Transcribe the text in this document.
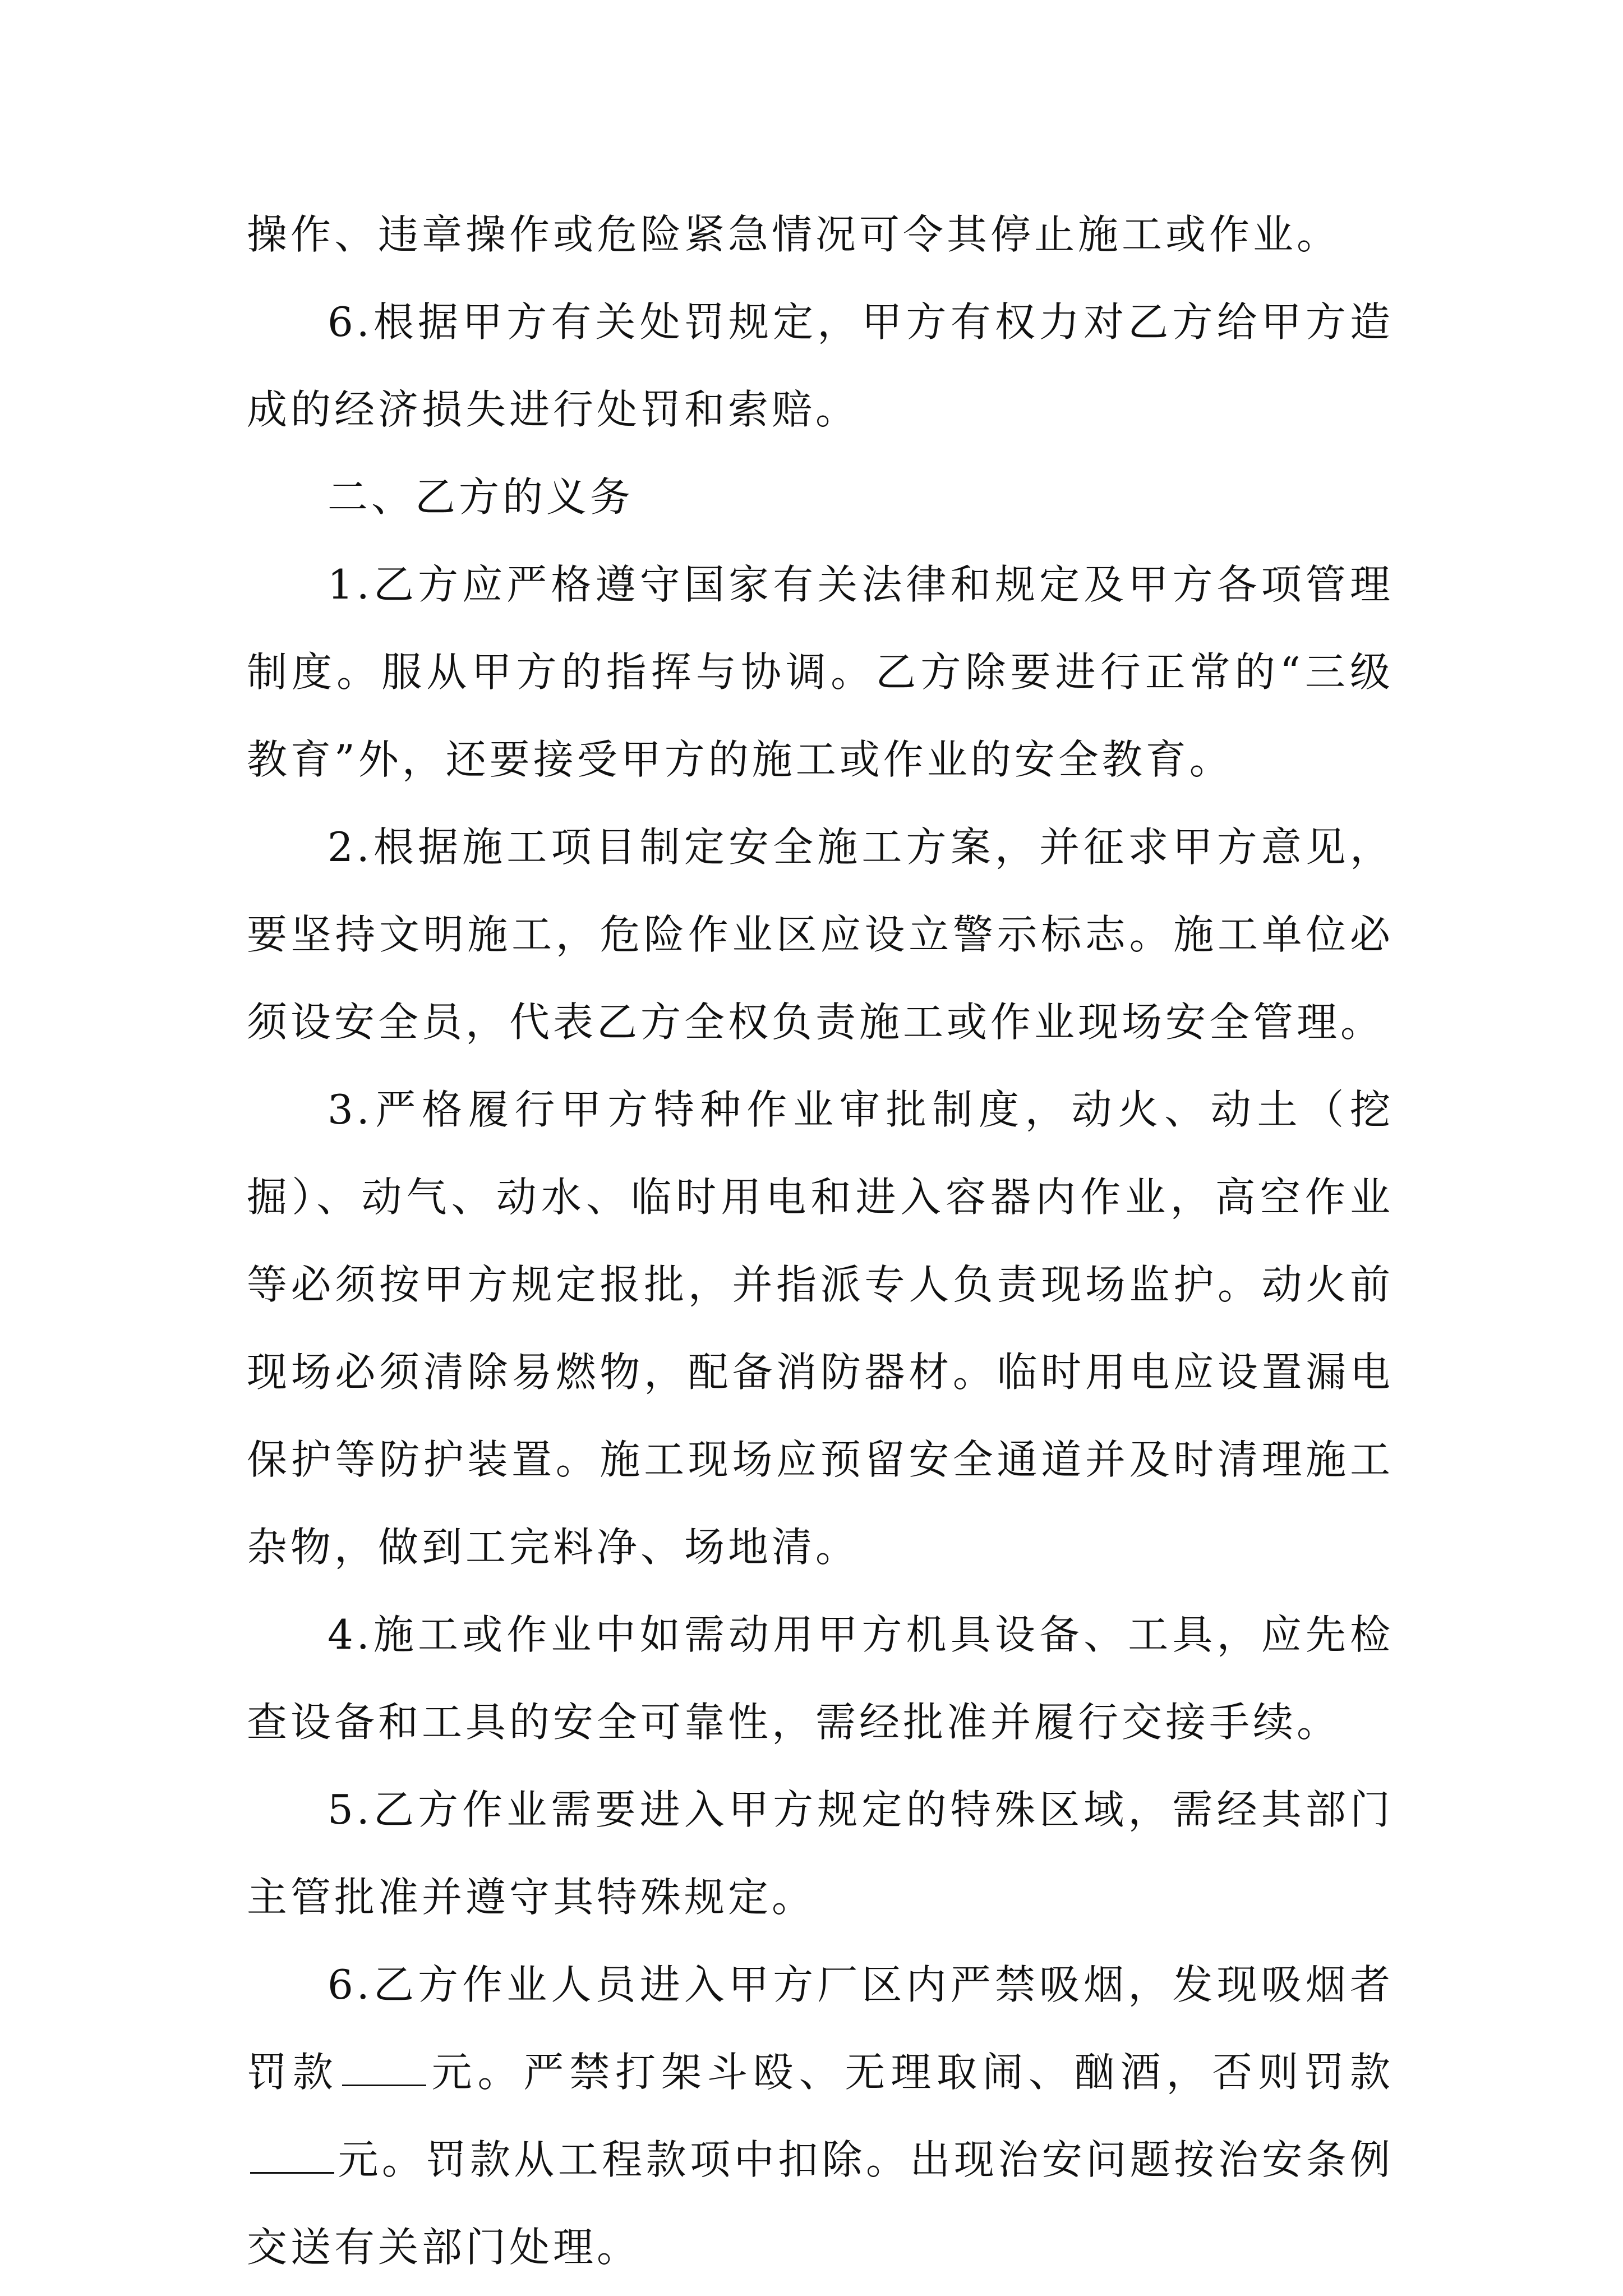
操作、违章操作或危险紧急情况可令其停止施工或作业。

6.根据甲方有关处罚规定，甲方有权力对乙方给甲方造成的经济损失进行处罚和索赔。

二、乙方的义务

1.乙方应严格遵守国家有关法律和规定及甲方各项管理制度。服从甲方的指挥与协调。乙方除要进行正常的“三级教育”外，还要接受甲方的施工或作业的安全教育。

2.根据施工项目制定安全施工方案，并征求甲方意见，要坚持文明施工，危险作业区应设立警示标志。施工单位必须设安全员，代表乙方全权负责施工或作业现场安全管理。

3.严格履行甲方特种作业审批制度，动火、动土（挖掘）、动气、动水、临时用电和进入容器内作业，高空作业等必须按甲方规定报批，并指派专人负责现场监护。动火前现场必须清除易燃物，配备消防器材。临时用电应设置漏电保护等防护装置。施工现场应预留安全通道并及时清理施工杂物，做到工完料净、场地清。

4.施工或作业中如需动用甲方机具设备、工具，应先检查设备和工具的安全可靠性，需经批准并履行交接手续。

5.乙方作业需要进入甲方规定的特殊区域，需经其部门主管批准并遵守其特殊规定。

6.乙方作业人员进入甲方厂区内严禁吸烟，发现吸烟者罚款 元。严禁打架斗殴、无理取闹、酗酒，否则罚款元。罚款从工程款项中扣除。出现治安问题按治安条例交送有关部门处理。
